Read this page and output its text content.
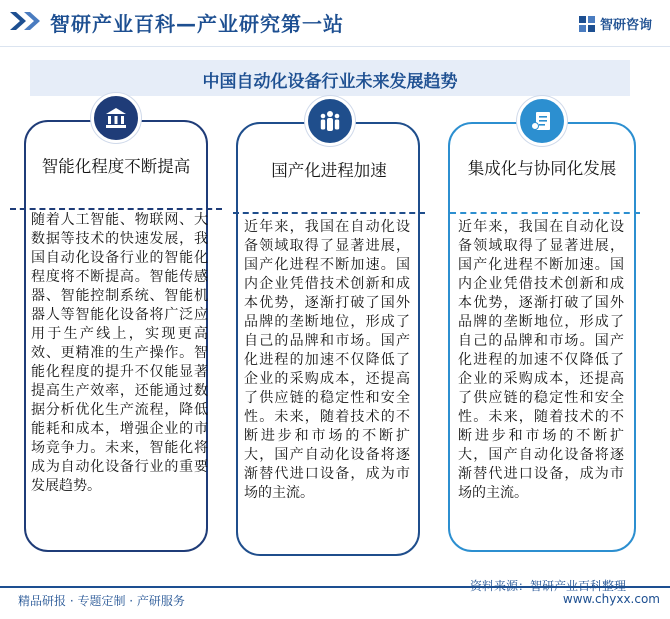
智研产业百科—产业研究第一站	智研咨询
中国自动化设备行业未来发展趋势
智能化程度不断提高
随着人工智能、物联网、大数据等技术的快速发展，我国自动化设备行业的智能化程度将不断提高。智能传感器、智能控制系统、智能机器人等智能化设备将广泛应用于生产线上，实现更高效、更精准的生产操作。智能化程度的提升不仅能显著提高生产效率，还能通过数据分析优化生产流程，降低能耗和成本，增强企业的市场竞争力。未来，智能化将成为自动化设备行业的重要发展趋势。
国产化进程加速
近年来，我国在自动化设备领域取得了显著进展，国产化进程不断加速。国内企业凭借技术创新和成本优势，逐渐打破了国外品牌的垄断地位，形成了自己的品牌和市场。国产化进程的加速不仅降低了企业的采购成本，还提高了供应链的稳定性和安全性。未来，随着技术的不断进步和市场的不断扩大，国产自动化设备将逐渐替代进口设备，成为市场的主流。
集成化与协同化发展
近年来，我国在自动化设备领域取得了显著进展，国产化进程不断加速。国内企业凭借技术创新和成本优势，逐渐打破了国外品牌的垄断地位，形成了自己的品牌和市场。国产化进程的加速不仅降低了企业的采购成本，还提高了供应链的稳定性和安全性。未来，随着技术的不断进步和市场的不断扩大，国产自动化设备将逐渐替代进口设备，成为市场的主流。
精品研报 · 专题定制 · 产研服务	www.chyxx.com
